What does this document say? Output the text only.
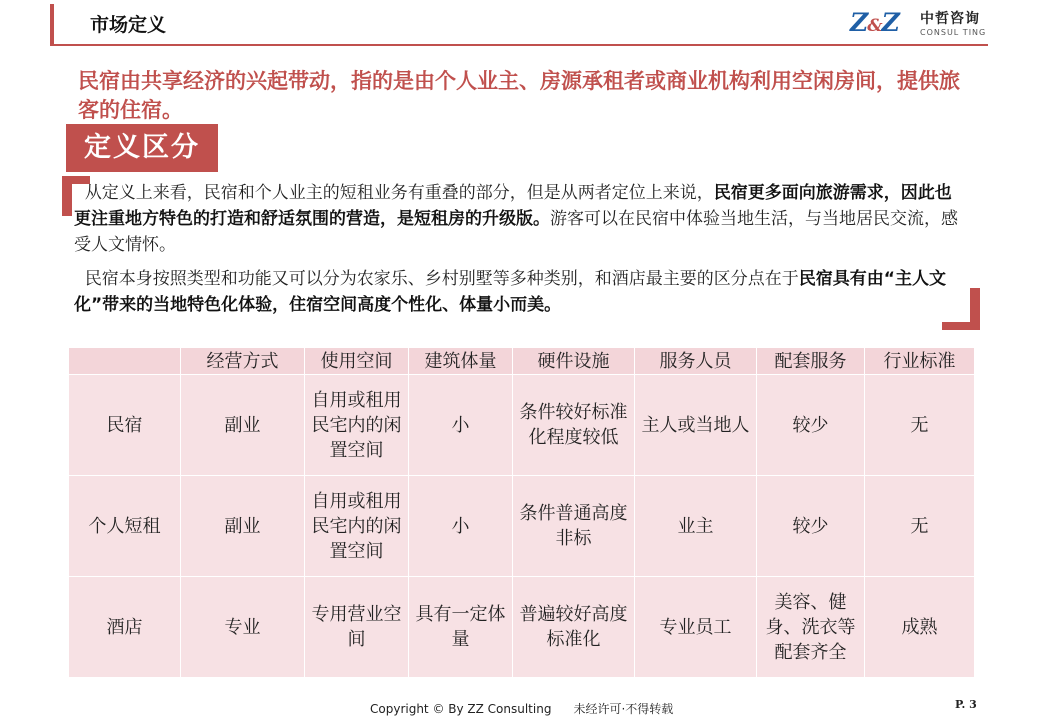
市场定义	Z&Z 中哲咨询
CONSUL TING
民宿由共享经济的兴起带动，指的是由个人业主、房源承租者或商业机构利用空闲房间，提供旅客的住宿。
定义区分

从定义上来看，民宿和个人业主的短租业务有重叠的部分，但是从两者定位上来说，民宿更多面向旅游需求，因此也更注重地方特色的打造和舒适氛围的营造，是短租房的升级版。游客可以在民宿中体验当地生活，与当地居民交流，感受人文情怀。

民宿本身按照类型和功能又可以分为农家乐、乡村别墅等多种类别，和酒店最主要的区分点在于民宿具有由“主人文化”带来的当地特色化体验，住宿空间高度个性化、体量小而美。

	经营方式	使用空间	建筑体量	硬件设施	服务人员	配套服务	行业标准
民宿	副业	自用或租用民宅内的闲置空间	小	条件较好标准化程度较低	主人或当地人	较少	无
个人短租	副业	自用或租用民宅内的闲置空间	小	条件普通高度非标	业主	较少	无
酒店	专业	专用营业空间	具有一定体量	普遍较好高度标准化	专业员工	美容、健身、洗衣等配套齐全	成熟
Copyright © By ZZ Consulting 未经许可·不得转载	P. 3
